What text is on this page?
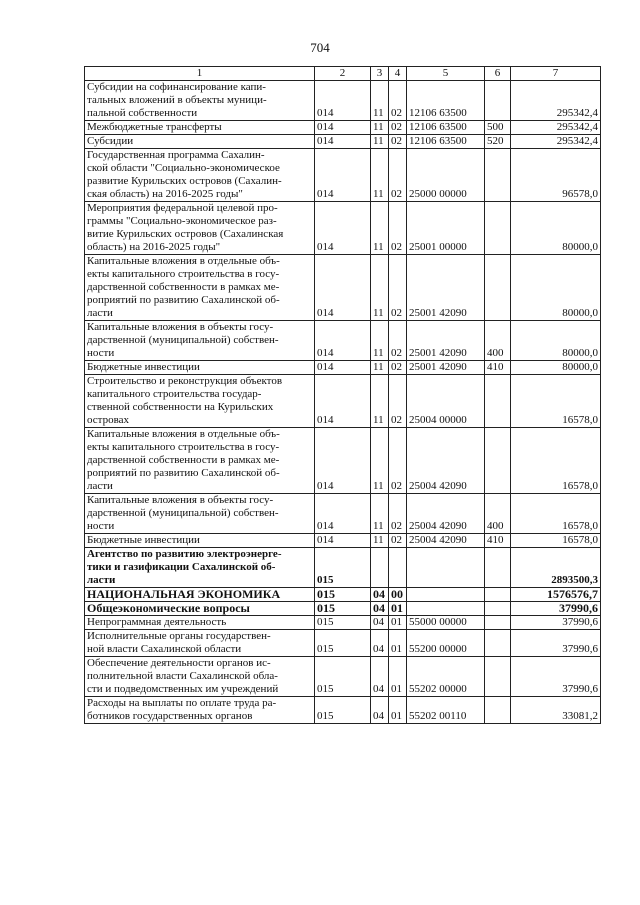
704
1	2	3	4	5	6	7

Субсидии на софинансирование капи-
тальных вложений в объекты муници-
пальной собственности	014	11	02	12106 63500		295342,4

Межбюджетные трансферты	014	11	02	12106 63500	500	295342,4

Субсидии	014	11	02	12106 63500	520	295342,4

Государственная программа Сахалин-
ской области "Социально-экономическое
развитие Курильских островов (Сахалин-
ская область) на 2016-2025 годы"	014	11	02	25000 00000		96578,0

Мероприятия федеральной целевой про-
граммы "Социально-экономическое раз-
витие Курильских островов (Сахалинская
область) на 2016-2025 годы"	014	11	02	25001 00000		80000,0

Капитальные вложения в отдельные объ-
екты капитального строительства в госу-
дарственной собственности в рамках ме-
роприятий по развитию Сахалинской об-
ласти	014	11	02	25001 42090		80000,0

Капитальные вложения в объекты госу-
дарственной (муниципальной) собствен-
ности	014	11	02	25001 42090	400	80000,0

Бюджетные инвестиции	014	11	02	25001 42090	410	80000,0

Строительство и реконструкция объектов
капитального строительства государ-
ственной собственности на Курильских
островах	014	11	02	25004 00000		16578,0

Капитальные вложения в отдельные объ-
екты капитального строительства в госу-
дарственной собственности в рамках ме-
роприятий по развитию Сахалинской об-
ласти	014	11	02	25004 42090		16578,0

Капитальные вложения в объекты госу-
дарственной (муниципальной) собствен-
ности	014	11	02	25004 42090	400	16578,0

Бюджетные инвестиции	014	11	02	25004 42090	410	16578,0

Агентство по развитию электроэнерге-
тики и газификации Сахалинской об-
ласти	015					2893500,3

НАЦИОНАЛЬНАЯ ЭКОНОМИКА	015	04	00			1576576,7

Общеэкономические вопросы	015	04	01			37990,6

Непрограммная деятельность	015	04	01	55000 00000		37990,6

Исполнительные органы государствен-
ной власти Сахалинской области	015	04	01	55200 00000		37990,6

Обеспечение деятельности органов ис-
полнительной власти Сахалинской обла-
сти и подведомственных им учреждений	015	04	01	55202 00000		37990,6

Расходы на выплаты по оплате труда ра-
ботников государственных органов	015	04	01	55202 00110		33081,2
